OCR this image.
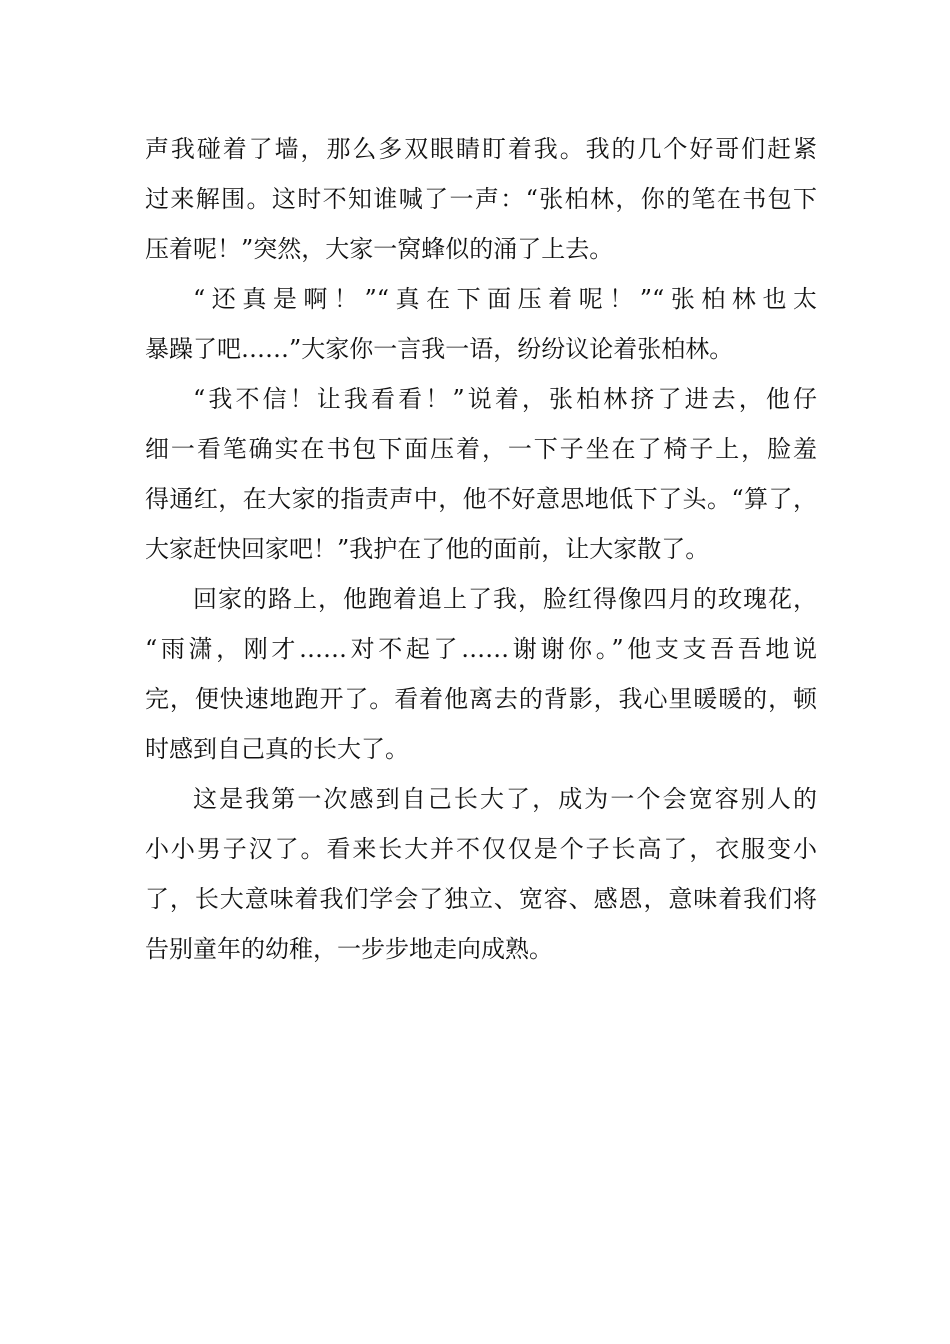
声我碰着了墙，那么多双眼睛盯着我。我的几个好哥们赶紧
过来解围。这时不知谁喊了一声：“张柏林，你的笔在书包下
压着呢！”突然，大家一窝蜂似的涌了上去。
“还真是啊！”“真在下面压着呢！”“张柏林也太
暴躁了吧……”大家你一言我一语，纷纷议论着张柏林。
“我不信！让我看看！”说着，张柏林挤了进去，他仔
细一看笔确实在书包下面压着，一下子坐在了椅子上，脸羞
得通红，在大家的指责声中，他不好意思地低下了头。“算了，
大家赶快回家吧！”我护在了他的面前，让大家散了。
回家的路上，他跑着追上了我，脸红得像四月的玫瑰花，
“雨潇，刚才……对不起了……谢谢你。”他支支吾吾地说
完，便快速地跑开了。看着他离去的背影，我心里暖暖的，顿
时感到自己真的长大了。
这是我第一次感到自己长大了，成为一个会宽容别人的
小小男子汉了。看来长大并不仅仅是个子长高了，衣服变小
了，长大意味着我们学会了独立、宽容、感恩，意味着我们将
告别童年的幼稚，一步步地走向成熟。
